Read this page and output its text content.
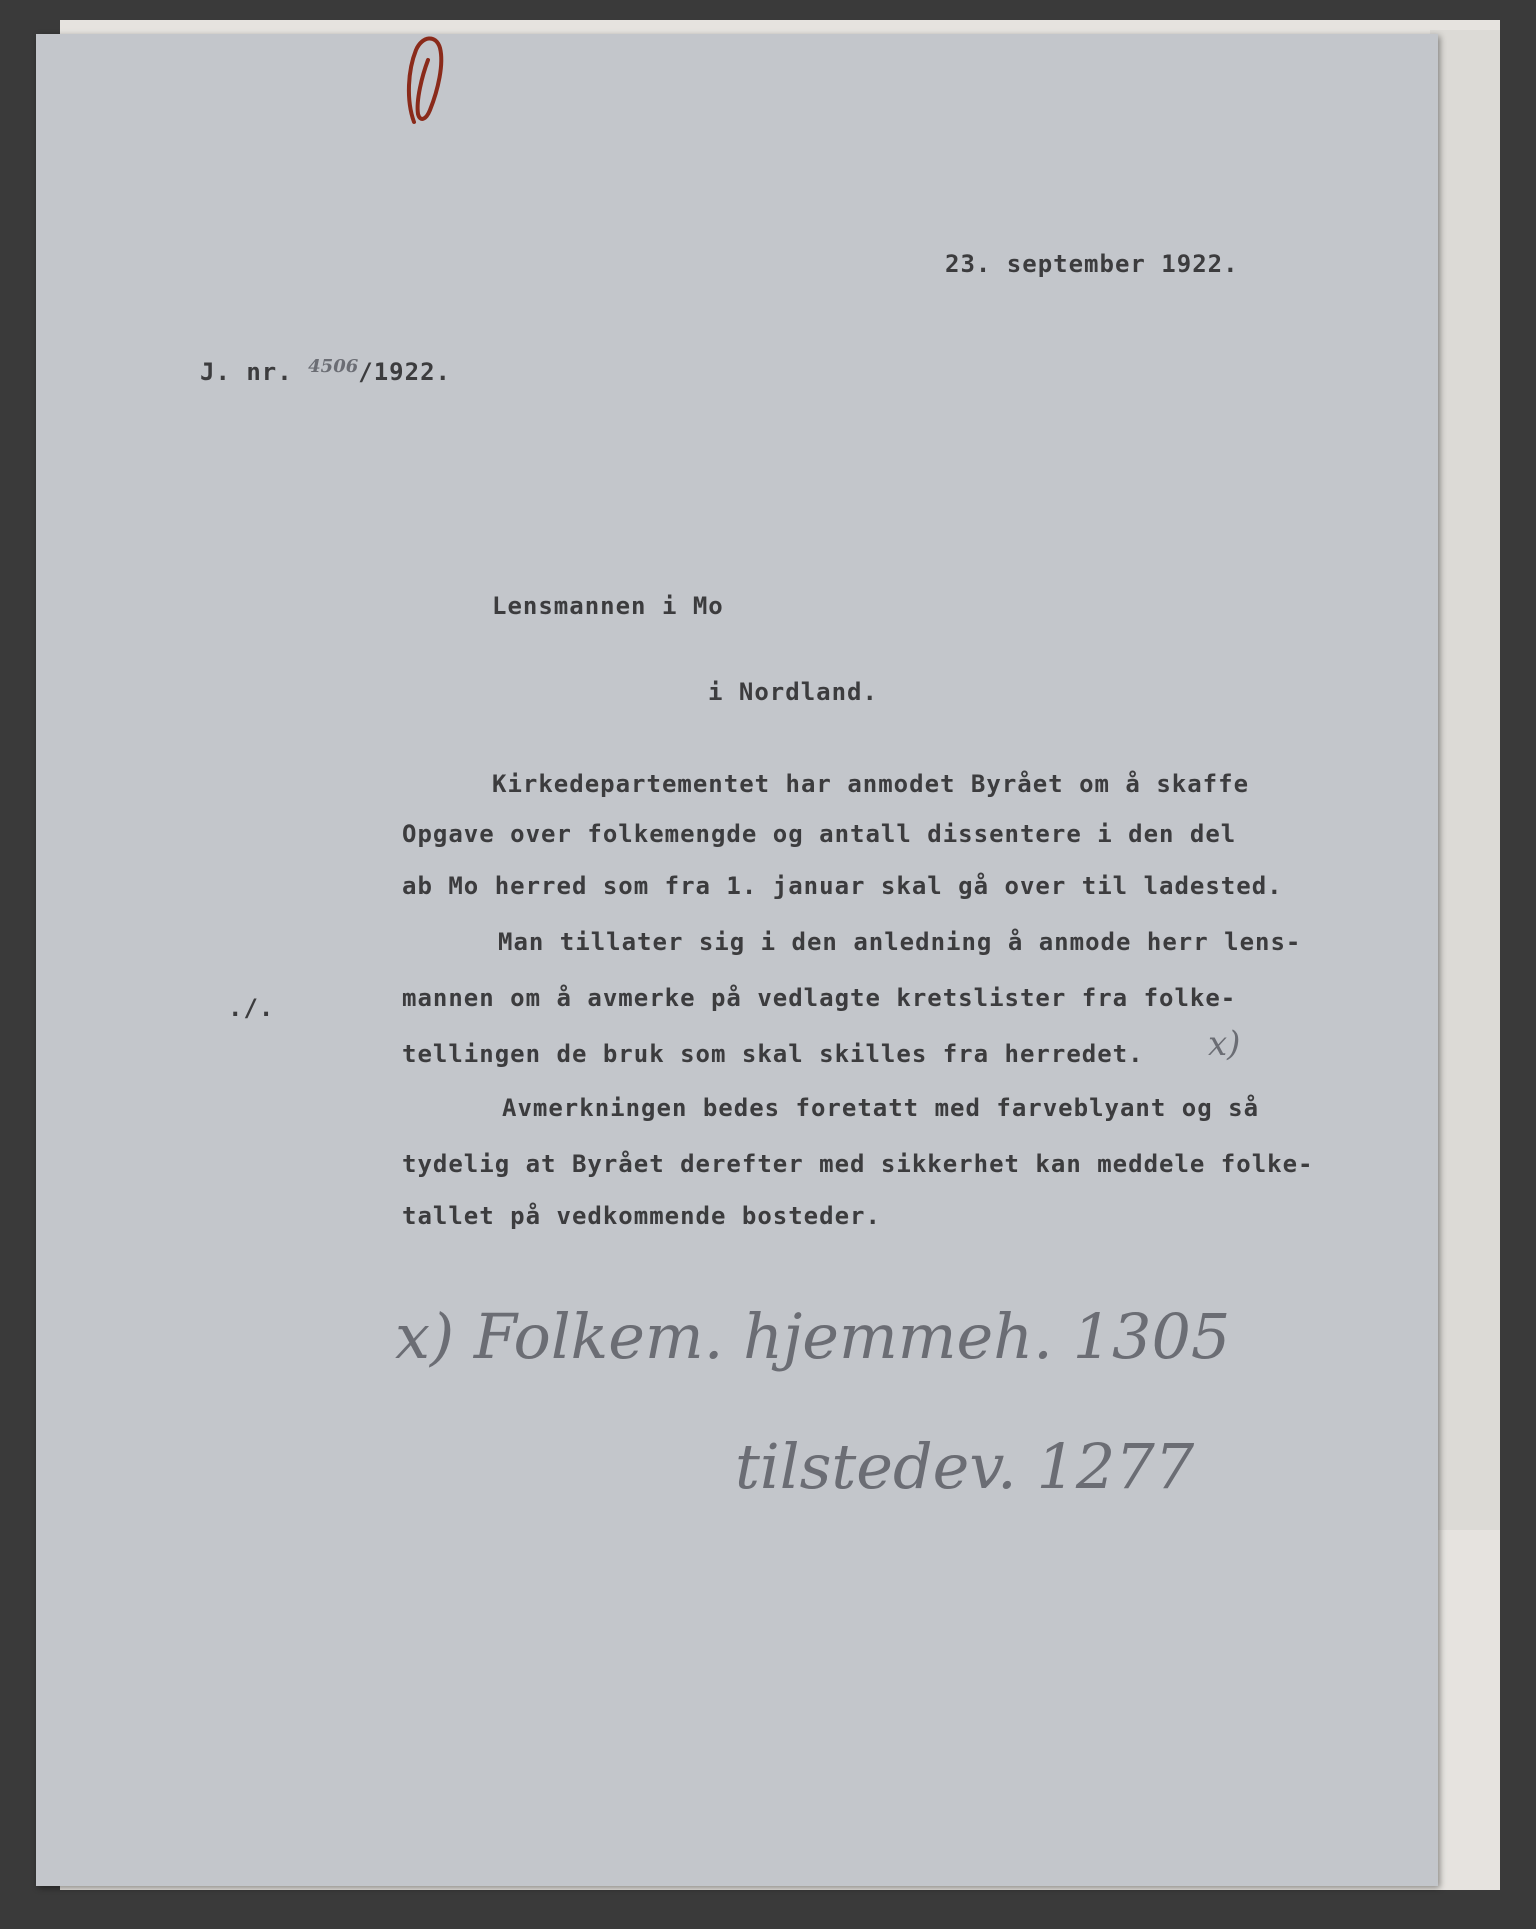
23. september 1922.
J. nr. $^{4506}$/1922.
Lensmannen i Mo
i Nordland.
Kirkedepartementet har anmodet Byrået om å skaffe
Opgave over folkemengde og antall dissentere i den del
ab Mo herred som fra 1. januar skal gå over til ladested.
Man tillater sig i den anledning å anmode herr lens-
mannen om å avmerke på vedlagte kretslister fra folke-
tellingen de bruk som skal skilles fra herredet.
Avmerkningen bedes foretatt med farveblyant og så
tydelig at Byrået derefter med sikkerhet kan meddele folke-
tallet på vedkommende bosteder.
./.
x)
x) Folkem. hjemmeh. 1305
tilstedev. 1277
